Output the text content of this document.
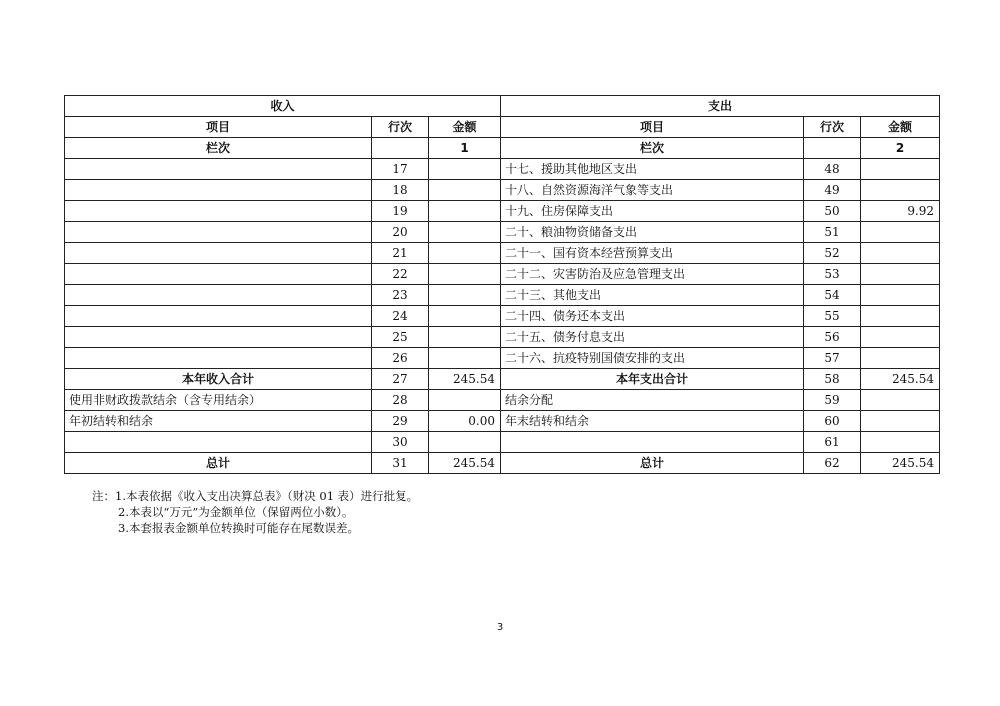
收入			支出		
项目	行次	金额	项目	行次	金额
栏次		1	栏次		2
	17		十七、援助其他地区支出	48	
	18		十八、自然资源海洋气象等支出	49	
	19		十九、住房保障支出	50	9.92
	20		二十、粮油物资储备支出	51	
	21		二十一、国有资本经营预算支出	52	
	22		二十二、灾害防治及应急管理支出	53	
	23		二十三、其他支出	54	
	24		二十四、债务还本支出	55	
	25		二十五、债务付息支出	56	
	26		二十六、抗疫特别国债安排的支出	57	
本年收入合计	27	245.54	本年支出合计	58	245.54
使用非财政拨款结余（含专用结余）	28		结余分配	59	
年初结转和结余	29	0.00	年末结转和结余	60	
	30			61	
总计	31	245.54	总计	62	245.54
注：1.本表依据《收入支出决算总表》（财决 01 表）进行批复。
2.本表以“万元”为金额单位（保留两位小数）。
3.本套报表金额单位转换时可能存在尾数误差。
3
